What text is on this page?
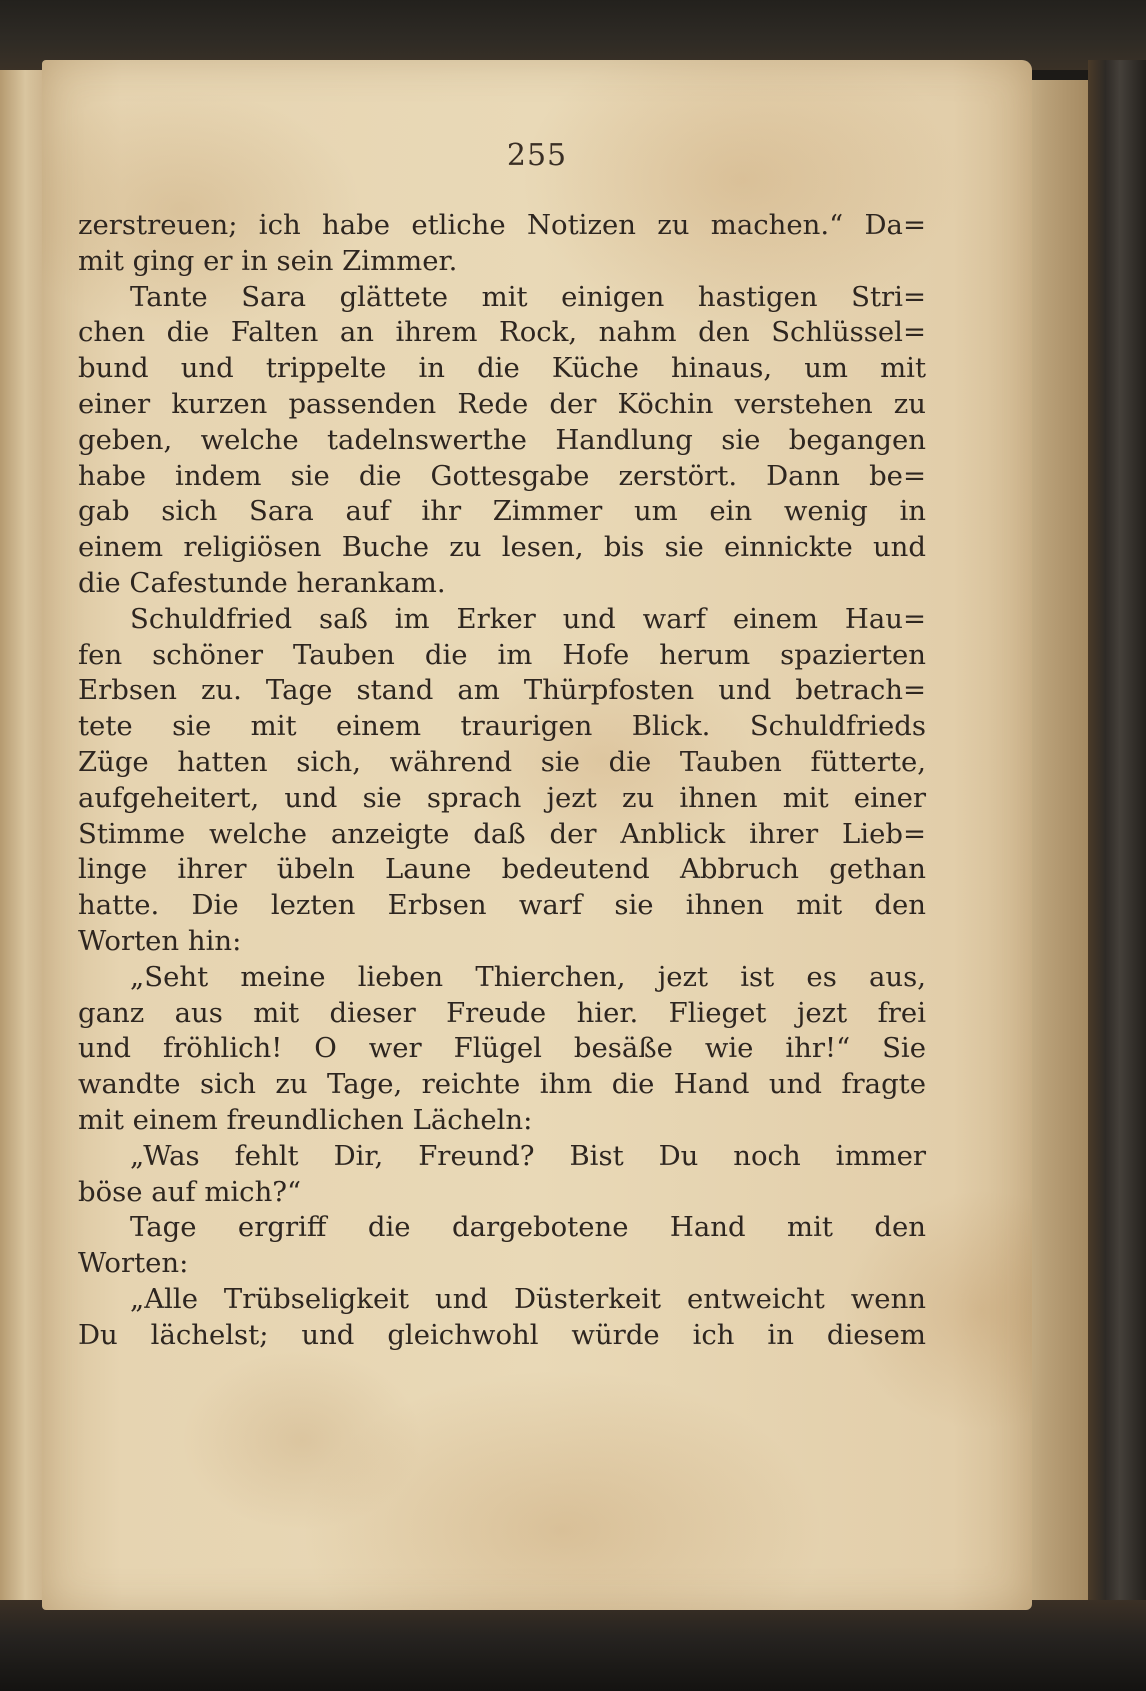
255
zerstreuen; ich habe etliche Notizen zu machen.“ Da=
mit ging er in sein Zimmer.
Tante Sara glättete mit einigen hastigen Stri=
chen die Falten an ihrem Rock, nahm den Schlüssel=
bund und trippelte in die Küche hinaus, um mit
einer kurzen passenden Rede der Köchin verstehen zu
geben, welche tadelnswerthe Handlung sie begangen
habe indem sie die Gottesgabe zerstört. Dann be=
gab sich Sara auf ihr Zimmer um ein wenig in
einem religiösen Buche zu lesen, bis sie einnickte und
die Cafestunde herankam.
Schuldfried saß im Erker und warf einem Hau=
fen schöner Tauben die im Hofe herum spazierten
Erbsen zu. Tage stand am Thürpfosten und betrach=
tete sie mit einem traurigen Blick. Schuldfrieds
Züge hatten sich, während sie die Tauben fütterte,
aufgeheitert, und sie sprach jezt zu ihnen mit einer
Stimme welche anzeigte daß der Anblick ihrer Lieb=
linge ihrer übeln Laune bedeutend Abbruch gethan
hatte. Die lezten Erbsen warf sie ihnen mit den
Worten hin:
„Seht meine lieben Thierchen, jezt ist es aus,
ganz aus mit dieser Freude hier. Flieget jezt frei
und fröhlich! O wer Flügel besäße wie ihr!“ Sie
wandte sich zu Tage, reichte ihm die Hand und fragte
mit einem freundlichen Lächeln:
„Was fehlt Dir, Freund? Bist Du noch immer
böse auf mich?“
Tage ergriff die dargebotene Hand mit den
Worten:
„Alle Trübseligkeit und Düsterkeit entweicht wenn
Du lächelst; und gleichwohl würde ich in diesem
